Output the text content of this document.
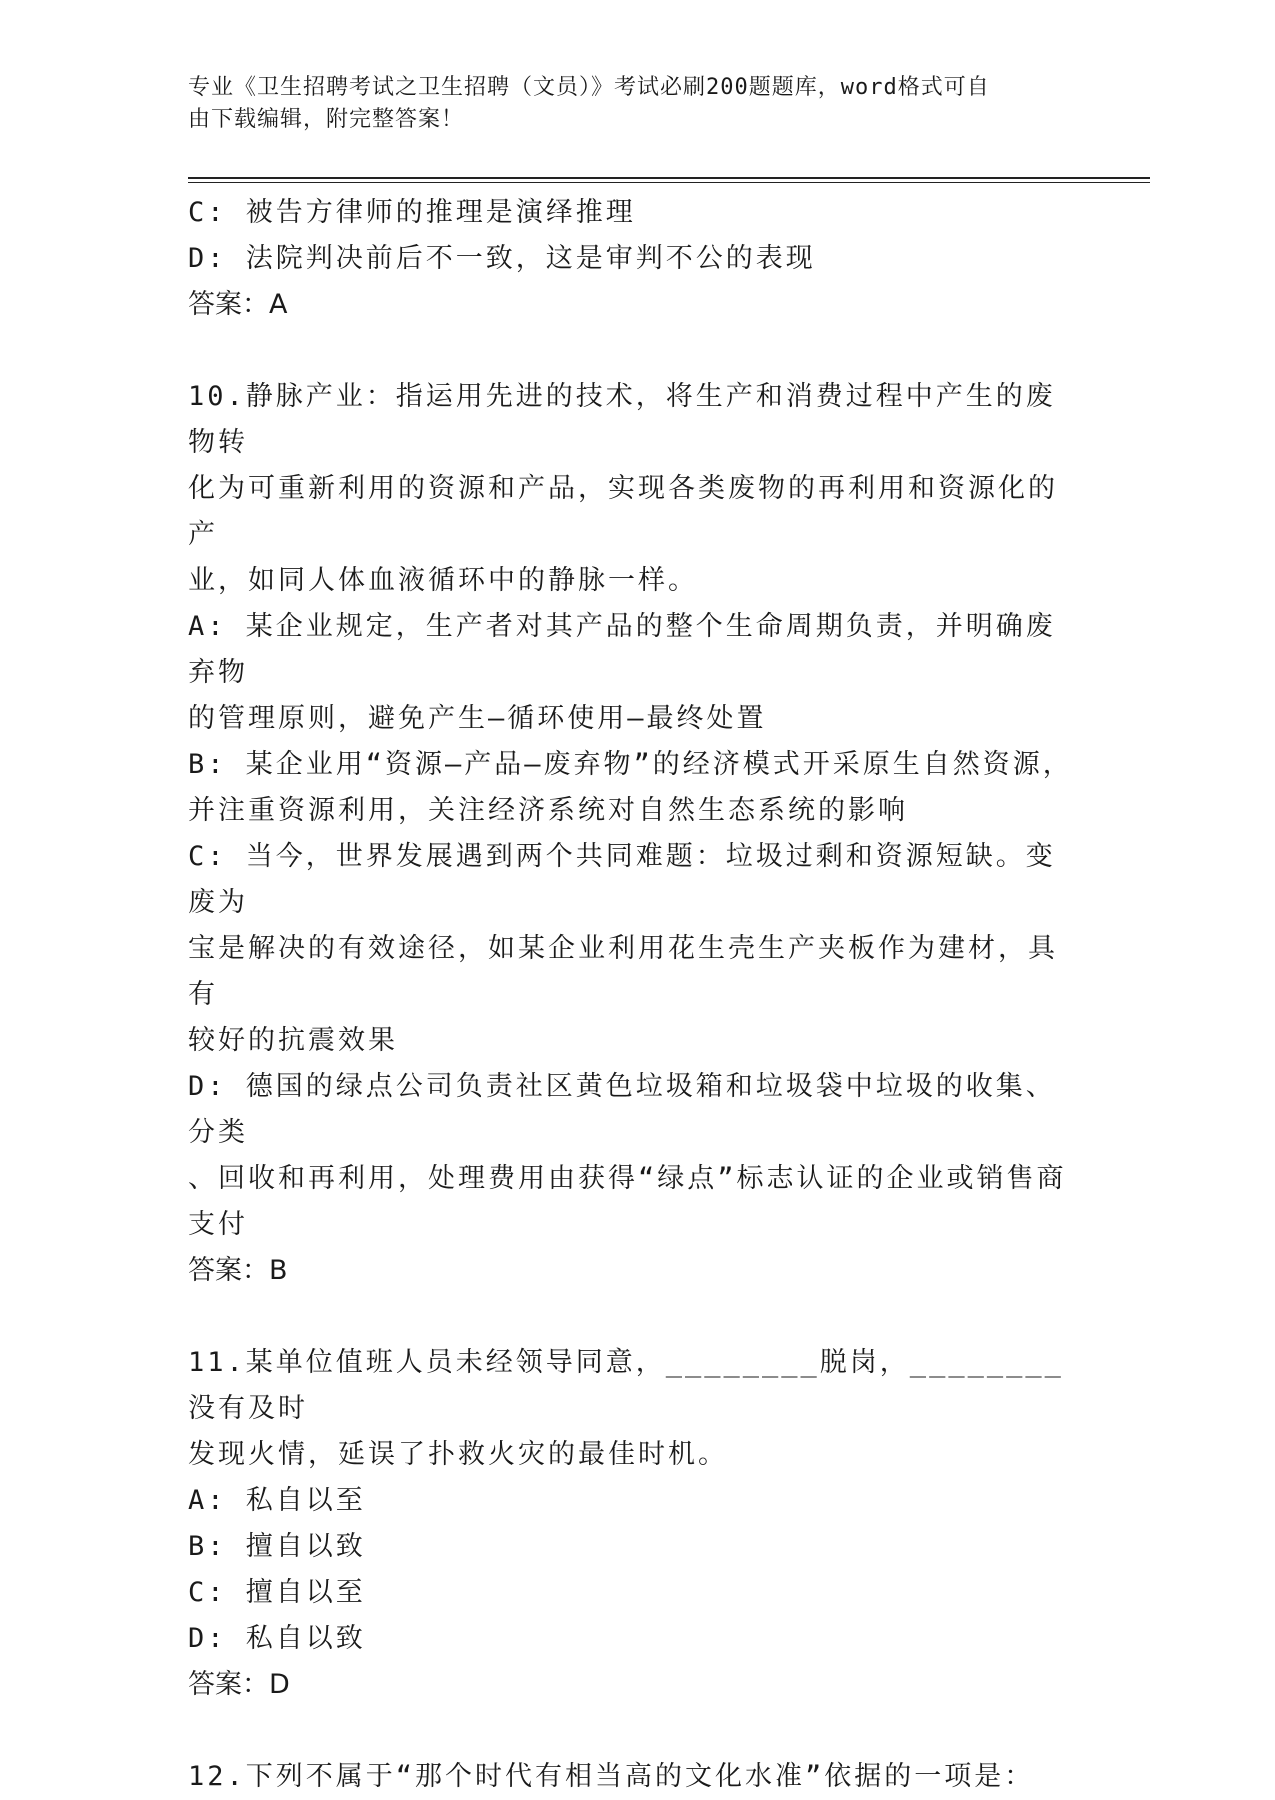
专业《卫生招聘考试之卫生招聘（文员）》考试必刷200题题库，word格式可自
由下载编辑，附完整答案！
C: 被告方律师的推理是演绎推理
D: 法院判决前后不一致，这是审判不公的表现
答案：A
10.静脉产业：指运用先进的技术，将生产和消费过程中产生的废物转
化为可重新利用的资源和产品，实现各类废物的再利用和资源化的产
业，如同人体血液循环中的静脉一样。
A: 某企业规定，生产者对其产品的整个生命周期负责，并明确废弃物
的管理原则，避免产生—循环使用—最终处置
B: 某企业用“资源—产品—废弃物”的经济模式开采原生自然资源，
并注重资源利用，关注经济系统对自然生态系统的影响
C: 当今，世界发展遇到两个共同难题：垃圾过剩和资源短缺。变废为
宝是解决的有效途径，如某企业利用花生壳生产夹板作为建材，具有
较好的抗震效果
D: 德国的绿点公司负责社区黄色垃圾箱和垃圾袋中垃圾的收集、分类
、回收和再利用，处理费用由获得“绿点”标志认证的企业或销售商
支付
答案：B
11.某单位值班人员未经领导同意，________脱岗，________没有及时
发现火情，延误了扑救火灾的最佳时机。
A: 私自以至
B: 擅自以致
C: 擅自以至
D: 私自以致
答案：D
12.下列不属于“那个时代有相当高的文化水准”依据的一项是：
